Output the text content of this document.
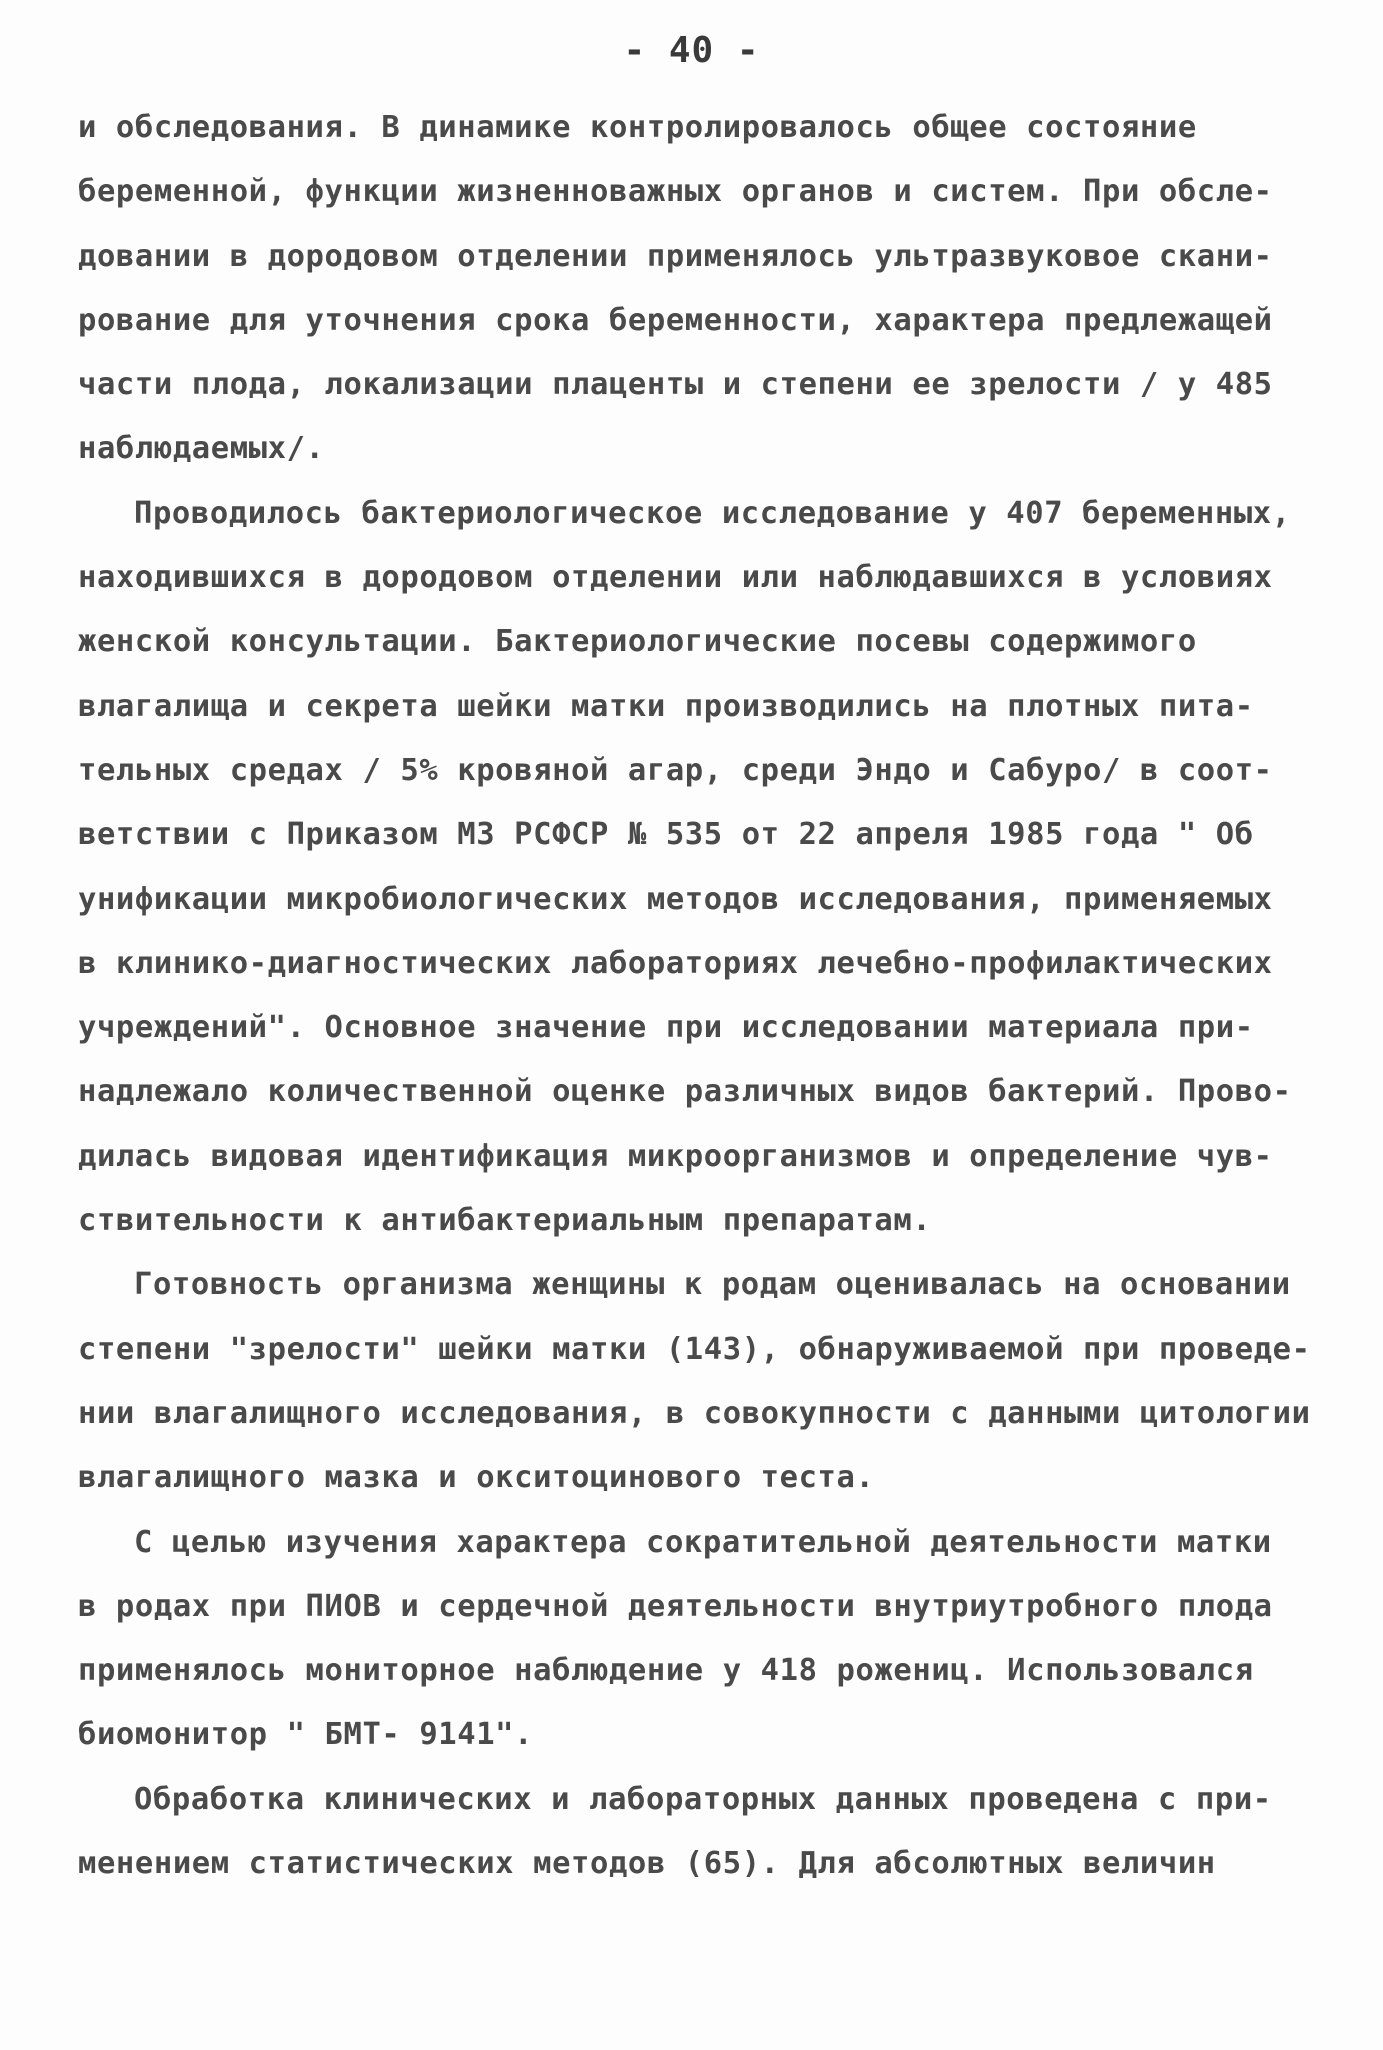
- 40 -
и обследования. В динамике контролировалось общее состояние
беременной, функции жизненноважных органов и систем. При обсле-
довании в дородовом отделении применялось ультразвуковое скани-
рование для уточнения срока беременности, характера предлежащей
части плода, локализации плаценты и степени ее зрелости / у 485
наблюдаемых/.
Проводилось бактериологическое исследование у 407 беременных,
находившихся в дородовом отделении или наблюдавшихся в условиях
женской консультации. Бактериологические посевы содержимого
влагалища и секрета шейки матки производились на плотных пита-
тельных средах / 5% кровяной агар, среди Эндо и Сабуро/ в соот-
ветствии с Приказом МЗ РСФСР № 535 от 22 апреля 1985 года " Об
унификации микробиологических методов исследования, применяемых
в клинико-диагностических лабораториях лечебно-профилактических
учреждений". Основное значение при исследовании материала при-
надлежало количественной оценке различных видов бактерий. Прово-
дилась видовая идентификация микроорганизмов и определение чув-
ствительности к антибактериальным препаратам.
Готовность организма женщины к родам оценивалась на основании
степени "зрелости" шейки матки (143), обнаруживаемой при проведе-
нии влагалищного исследования, в совокупности с данными цитологии
влагалищного мазка и окситоцинового теста.
С целью изучения характера сократительной деятельности матки
в родах при ПИОВ и сердечной деятельности внутриутробного плода
применялось мониторное наблюдение у 418 рожениц. Использовался
биомонитор " БМТ- 9141".
Обработка клинических и лабораторных данных проведена с при-
менением статистических методов (65). Для абсолютных величин
